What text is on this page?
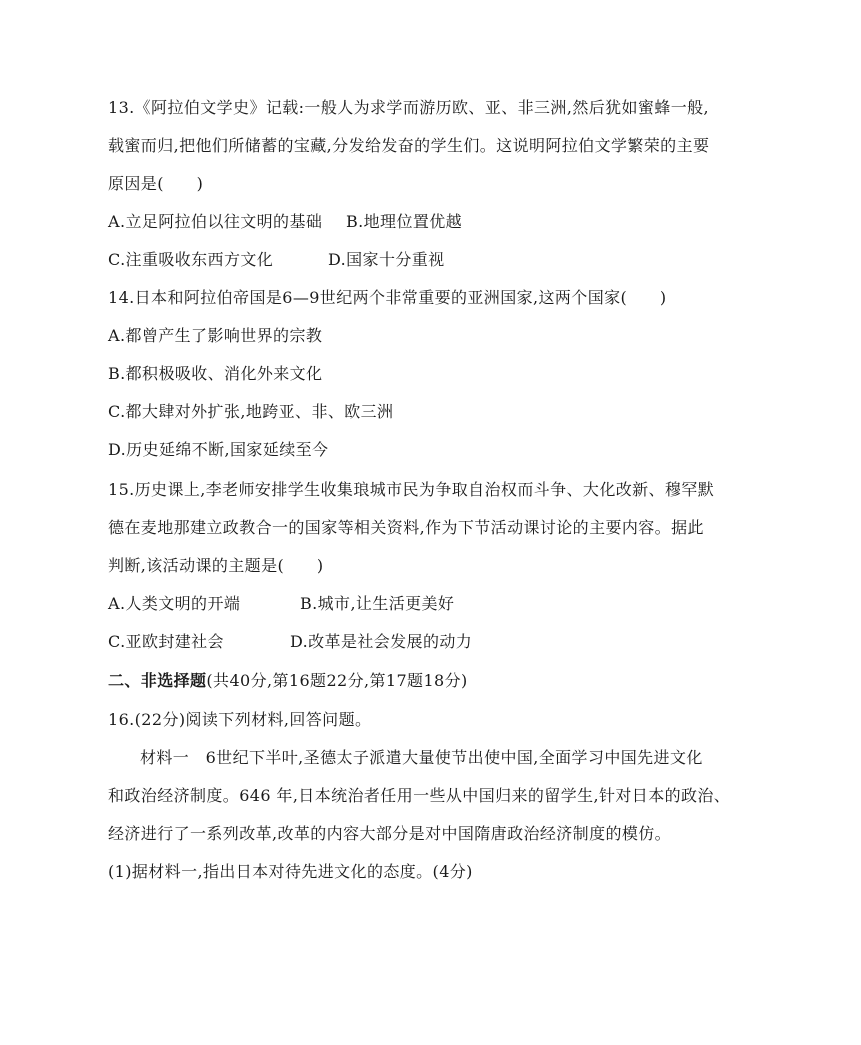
13.《阿拉伯文学史》记载:一般人为求学而游历欧、亚、非三洲,然后犹如蜜蜂一般,
载蜜而归,把他们所储蓄的宝藏,分发给发奋的学生们。这说明阿拉伯文学繁荣的主要
原因是(　　)
A.立足阿拉伯以往文明的基础 B.地理位置优越
C.注重吸收东西方文化	D.国家十分重视
14.日本和阿拉伯帝国是6—9世纪两个非常重要的亚洲国家,这两个国家(　　)
A.都曾产生了影响世界的宗教
B.都积极吸收、消化外来文化
C.都大肆对外扩张,地跨亚、非、欧三洲
D.历史延绵不断,国家延续至今
15.历史课上,李老师安排学生收集琅城市民为争取自治权而斗争、大化改新、穆罕默
德在麦地那建立政教合一的国家等相关资料,作为下节活动课讨论的主要内容。据此
判断,该活动课的主题是(　　)
A.人类文明的开端	B.城市,让生活更美好
C.亚欧封建社会	D.改革是社会发展的动力
二、非选择题(共40分,第16题22分,第17题18分)
16.(22分)阅读下列材料,回答问题。
材料一　6世纪下半叶,圣德太子派遣大量使节出使中国,全面学习中国先进文化
和政治经济制度。646 年,日本统治者任用一些从中国归来的留学生,针对日本的政治、
经济进行了一系列改革,改革的内容大部分是对中国隋唐政治经济制度的模仿。
(1)据材料一,指出日本对待先进文化的态度。(4分)
